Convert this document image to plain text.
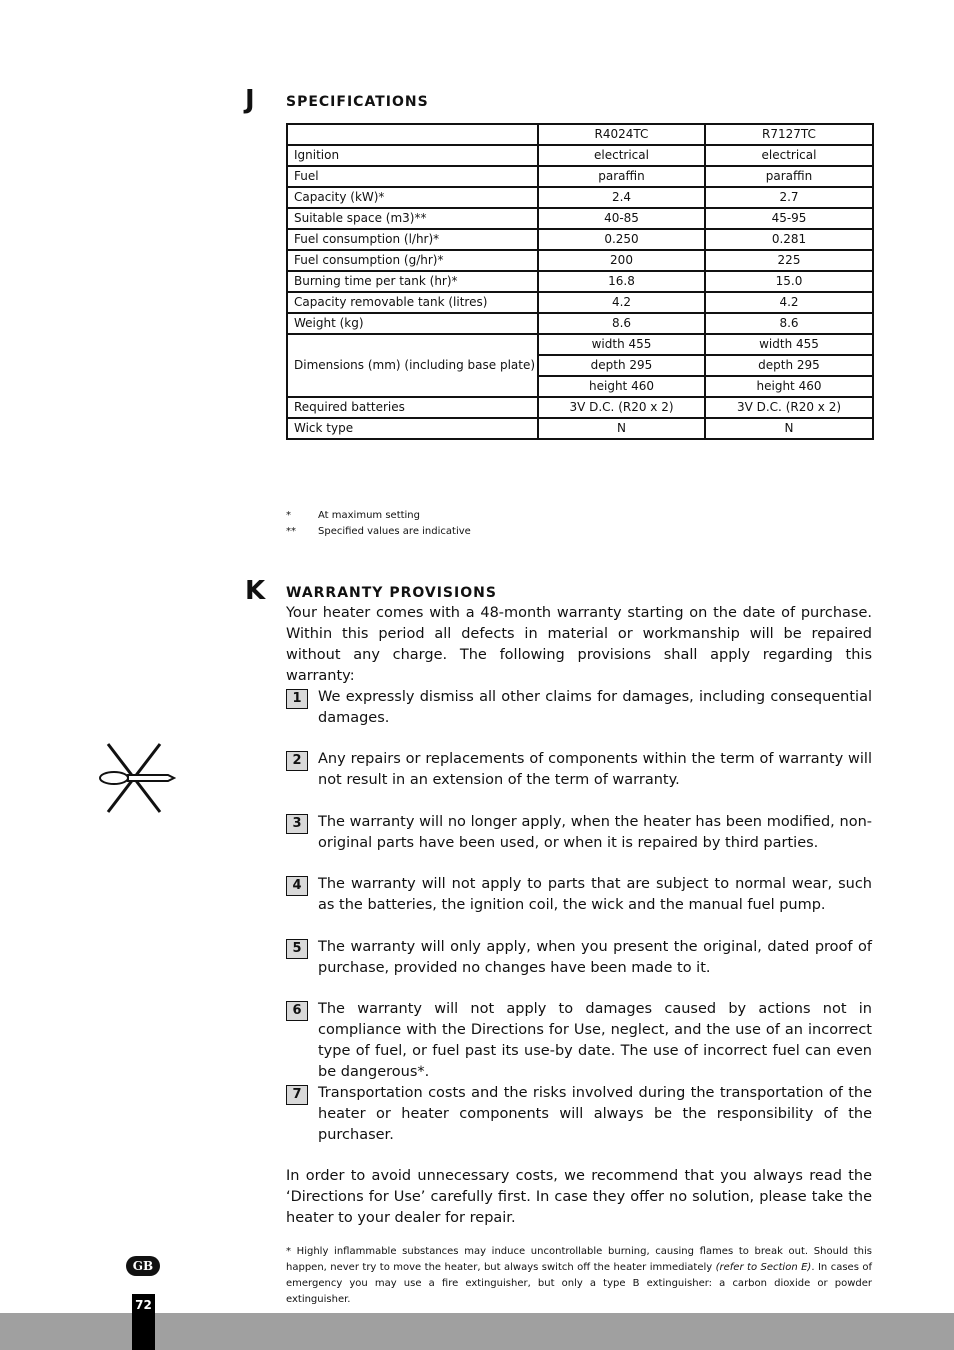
J SPECIFICATIONS
	R4024TC	R7127TC
Ignition	electrical	electrical
Fuel	paraffin	paraffin
Capacity (kW)*	2.4	2.7
Suitable space (m3)**	40-85	45-95
Fuel consumption (l/hr)*	0.250	0.281
Fuel consumption (g/hr)*	200	225
Burning time per tank (hr)*	16.8	15.0
Capacity removable tank (litres)	4.2	4.2
Weight (kg)	8.6	8.6
Dimensions (mm) (including base plate)	width 455	width 455
	depth 295	depth 295
	height 460	height 460
Required batteries	3V D.C. (R20 x 2)	3V D.C. (R20 x 2)
Wick type	N	N
*	At maximum setting
**	Specified values are indicative
K WARRANTY PROVISIONS

Your heater comes with a 48-month warranty starting on the date of purchase. Within this period all defects in material or workmanship will be repaired without any charge. The following provisions shall apply regarding this warranty:

1	We expressly dismiss all other claims for damages, including consequential damages.

2	Any repairs or replacements of components within the term of warranty will not result in an extension of the term of warranty.

3	The warranty will no longer apply, when the heater has been modified, non-original parts have been used, or when it is repaired by third parties.

4	The warranty will not apply to parts that are subject to normal wear, such as the batteries, the ignition coil, the wick and the manual fuel pump.

5	The warranty will only apply, when you present the original, dated proof of purchase, provided no changes have been made to it.

6	The warranty will not apply to damages caused by actions not in compliance with the Directions for Use, neglect, and the use of an incorrect type of fuel, or fuel past its use-by date. The use of incorrect fuel can even be dangerous*.

7	Transportation costs and the risks involved during the transportation of the heater or heater components will always be the responsibility of the purchaser.

In order to avoid unnecessary costs, we recommend that you always read the ‘Directions for Use’ carefully first. In case they offer no solution, please take the heater to your dealer for repair.

* Highly inflammable substances may induce uncontrollable burning, causing flames to break out. Should this happen, never try to move the heater, but always switch off the heater immediately (refer to Section E). In cases of emergency you may use a fire extinguisher, but only a type B extinguisher: a carbon dioxide or powder extinguisher.
GB
72
